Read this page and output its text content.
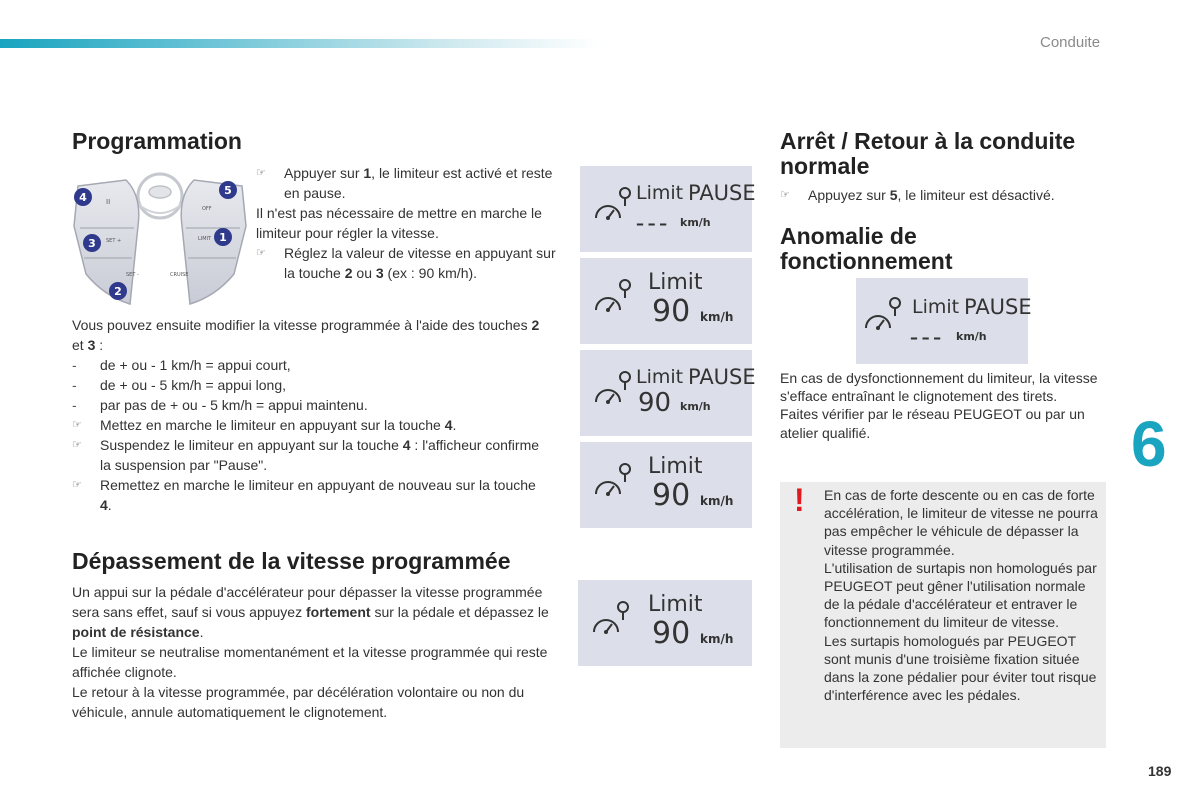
Conduite
6
189
Programmation
II
SET +	LIMIT
SET -	CRUISE
OFF
4
5
3	1
2
☞ Appuyer sur 1, le limiteur est activé et reste en pause.

Il n'est pas nécessaire de mettre en marche le limiteur pour régler la vitesse.

☞ Réglez la valeur de vitesse en appuyant sur la touche 2 ou 3 (ex : 90 km/h).

Vous pouvez ensuite modifier la vitesse programmée à l'aide des touches 2 et 3 :

- de + ou - 1 km/h = appui court,
- de + ou - 5 km/h = appui long,
- par pas de + ou - 5 km/h = appui maintenu.
☞ Mettez en marche le limiteur en appuyant sur la touche 4.
☞ Suspendez le limiteur en appuyant sur la touche 4 : l'afficheur confirme la suspension par "Pause".
☞ Remettez en marche le limiteur en appuyant de nouveau sur la touche 4.
Dépassement de la vitesse programmée

Un appui sur la pédale d'accélérateur pour dépasser la vitesse programmée sera sans effet, sauf si vous appuyez fortement sur la pédale et dépassez le point de résistance.

Le limiteur se neutralise momentanément et la vitesse programmée qui reste affichée clignote.

Le retour à la vitesse programmée, par décélération volontaire ou non du véhicule, annule automatiquement le clignotement.

Limit PAUSE
– – – km/h
Limit
90 km/h
Limit PAUSE
90 km/h
Limit
90 km/h
Limit
90 km/h
Arrêt / Retour à la conduite normale
☞ Appuyez sur 5, le limiteur est désactivé.
Anomalie de fonctionnement
Limit PAUSE
– – – km/h

En cas de dysfonctionnement du limiteur, la vitesse s'efface entraînant le clignotement des tirets.

Faites vérifier par le réseau PEUGEOT ou par un atelier qualifié.

! En cas de forte descente ou en cas de forte accélération, le limiteur de vitesse ne pourra pas empêcher le véhicule de dépasser la vitesse programmée.

L'utilisation de surtapis non homologués par PEUGEOT peut gêner l'utilisation normale de la pédale d'accélérateur et entraver le fonctionnement du limiteur de vitesse.

Les surtapis homologués par PEUGEOT sont munis d'une troisième fixation située dans la zone pédalier pour éviter tout risque d'interférence avec les pédales.
